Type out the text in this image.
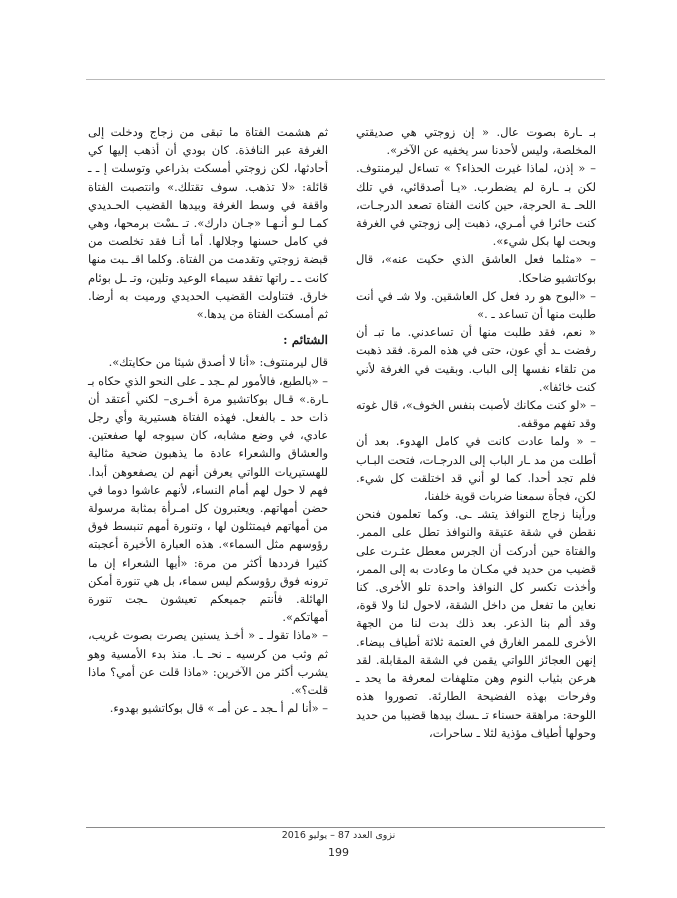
بـ ـارة بصوت عال. « إن زوجتي هي صديقتي المخلصة، وليس لأحدنا سر يخفيه عن الآخر».

– « إذن، لماذا غيرت الحذاء؟ » تساءل ليرمنتوف. لكن بـ ـارة لم يضطرب. «يـا أصدقائي، في تلك اللحـ ـة الحرجة، حين كانت الفتاة تصعد الدرجـات، كنت حائرا في أمـري، ذهبت إلى زوجتي في الغرفة وبحت لها بكل شيء».

– «مثلما فعل العاشق الذي حكيت عنه»، قال بوكاتشيو ضاحكا.

– «البوح هو رد فعل كل العاشقين. ولا شـ في أنت طلبت منها أن تساعد ـ .»

« نعم، فقد طلبت منها أن تساعدني. ما تبـ أن رفضت ـد أي عون، حتى في هذه المرة. فقد ذهبت من تلقاء نفسها إلى الباب. وبقيت في الغرفة لأني كنت خائفا».

– «لو كنت مكانك لأصبت بنفس الخوف»، قال غوته وقد تفهم موقفه.

– « ولما عادت كانت في كامل الهدوء. بعد أن أطلت من مد ـار الباب إلى الدرجـات، فتحت البـاب فلم تجد أحدا. كما لو أني قد اختلقت كل شيء. لكن، فجأة سمعنا ضربات قوية خلفنا،

ورأينا زجاج النوافذ يتشـ ـى. وكما تعلمون فنحن نقطن في شقة عتيقة والنوافذ تطل على الممر. والفتاة حين أدركت أن الجرس معطل عثـرت على قضيب من حديد في مكـان ما وعادت به إلى الممر، وأخذت تكسر كل النوافذ واحدة تلو الأخرى. كنا نعاين ما تفعل من داخل الشقة، لاحول لنا ولا قوة، وقد ألم بنا الذعر. بعد ذلك بدت لنا من الجهة الأخرى للممر الغارق في العتمة ثلاثة أطياف بيضاء. إنهن العجائز اللواتي يقمن في الشقة المقابلة. لقد هرعن بثياب النوم وهن متلهفات لمعرفة ما يحد ـ وفرحات بهذه الفضيحة الطارئة. تصوروا هذه اللوحة: مراهقة حسناء تـ ـسك بيدها قضيبا من حديد وحولها أطياف مؤذية لثلا ـ ساحرات،

ثم هشمت الفتاة ما تبقى من زجاج ودخلت إلى الغرفة عبر النافذة. كان بودي أن أذهب إليها كي أحادثها، لكن زوجتي أمسكت بذراعي وتوسلت إ ـ ـ قائلة: «لا تذهب. سوف تقتلك.» وانتصبت الفتاة واقفة في وسط الغرفة وبيدها القضيب الحـديدي كمـا لـو أنـهـا «جـان دارك». تـ ـسْت برمحها، وهي في كامل حسنها وجلالها. أما أنـا فقد تخلصت من قبضة زوجتي وتقدمت من الفتاة. وكلما اقـ ـبت منها كانت ـ ـ راتها تفقد سيماء الوعيد وتلين، وتـ ـل بوئام خارق. فتناولت القضيب الحديدي ورميت به أرضا. ثم أمسكت الفتاة من يدها.»

الشتائم :

قال ليرمنتوف: «أنا لا أصدق شيئا من حكايتك».

– «بالطبع، فالأمور لم ـجد ـ على النحو الذي حكاه بـ ـارة.» قـال بوكاتشيو مرة أخـرى– لكني أعتقد أن ذات حد ـ بالفعل. فهذه الفتاة هستيرية وأي رجل عادي، في وضع مشابه، كان سيوجه لها صفعتين. والعشاق والشعراء عادة ما يذهبون ضحية مثالية للهستيريات اللواتي يعرفن أنهم لن يصفعوهن أبدا. فهم لا حول لهم أمام النساء، لأنهم عاشوا دوما في حضن أمهاتهم. ويعتبرون كل امـرأة بمثابة مرسولة من أمهاتهم فيمتثلون لها ، وتنورة أمهم تنبسط فوق رؤوسهم مثل السماء». هذه العبارة الأخيرة أعجبته كثيرا فرددها أكثر من مرة: «أيها الشعراء إن ما ترونه فوق رؤوسكم ليس سماء، بل هي تنورة أمكن الهائلة. فأنتم جميعكم تعيشون ـجت تنورة أمهاتكم».

– «ماذا تقولـ ـ « أخـذ يسنين يصرت بصوت غريب، ثم وثب من كرسيه ـ نحـ ـا. منذ بدء الأمسية وهو يشرب أكثر من الآخرين: «ماذا قلت عن أمي؟ ماذا قلت؟».

– «أنا لم أ ـجد ـ عن أمـ » قال بوكاتشيو بهدوء.

نزوى العدد 87 – يوليو 2016
199
